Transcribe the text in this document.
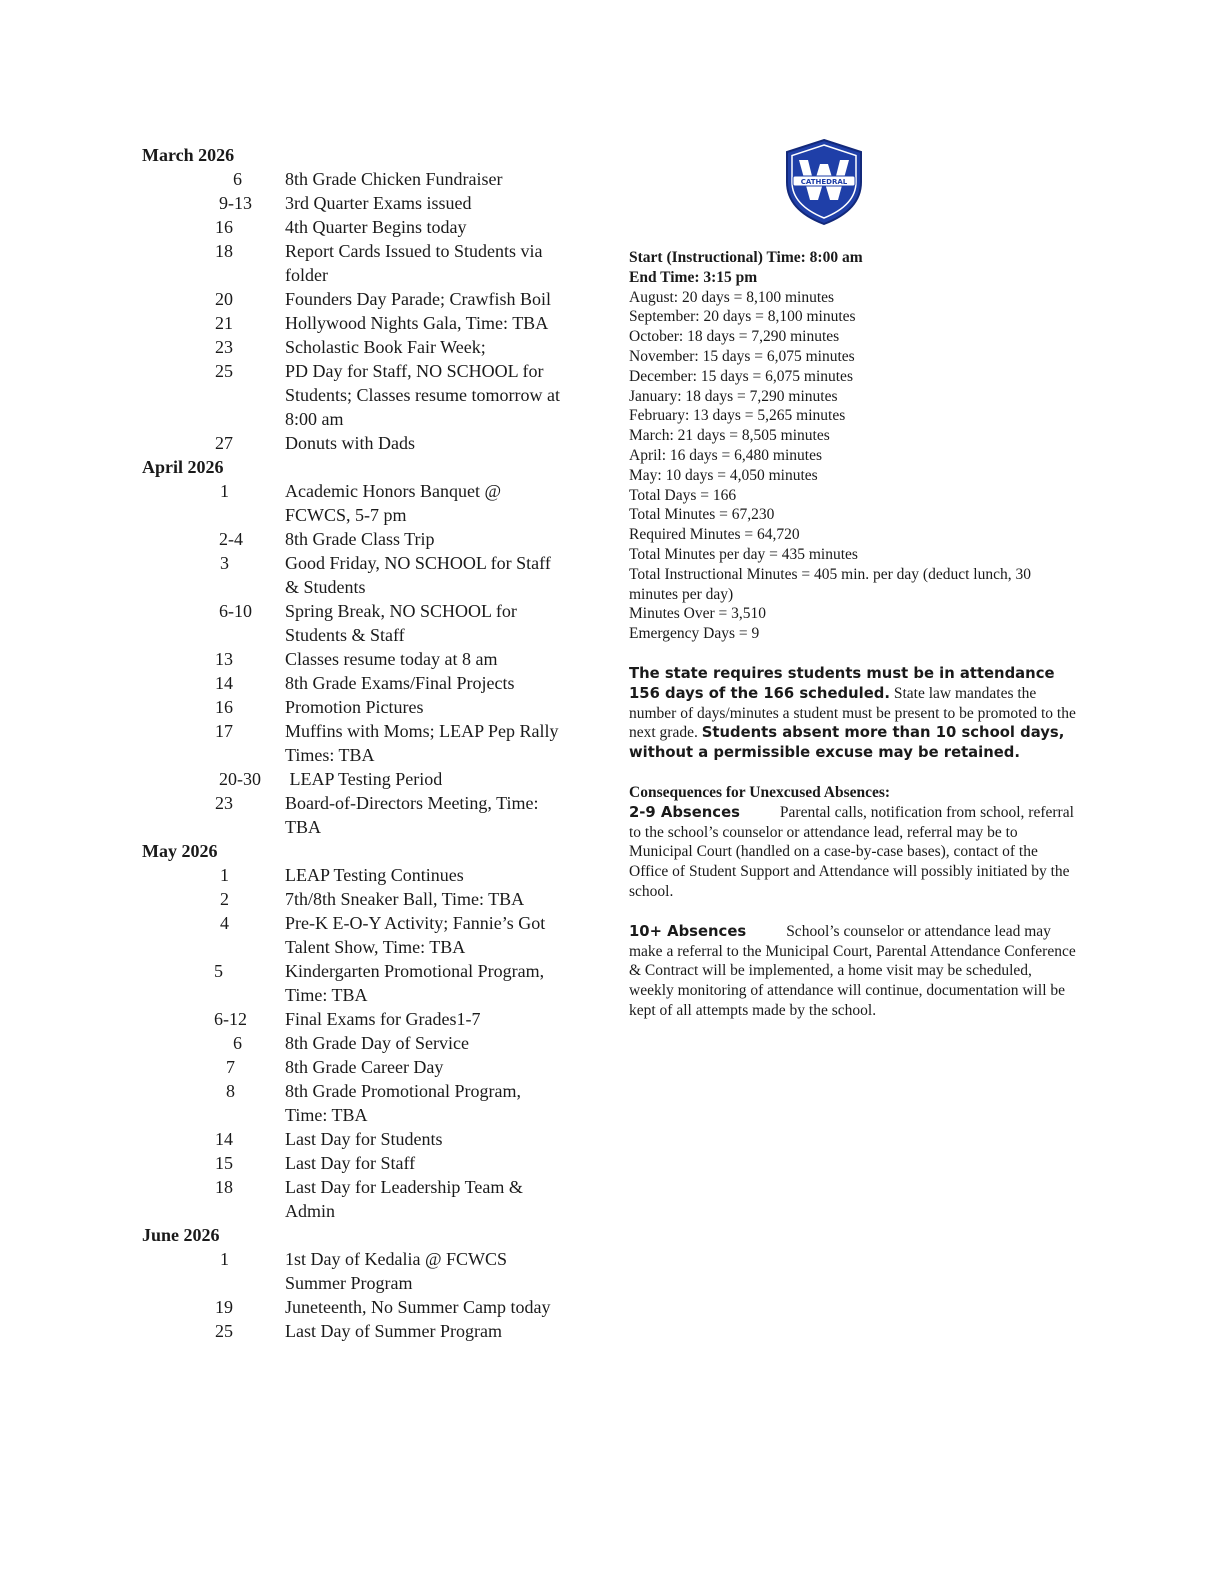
March 2026
6	8th Grade Chicken Fundraiser
9-13	3rd Quarter Exams issued
16	4th Quarter Begins today
18	Report Cards Issued to Students via
folder
20	Founders Day Parade; Crawfish Boil
21	Hollywood Nights Gala, Time: TBA
23	Scholastic Book Fair Week;
25	PD Day for Staff, NO SCHOOL for
Students; Classes resume tomorrow at
8:00 am
27	Donuts with Dads
April 2026
1	Academic Honors Banquet @
FCWCS, 5-7 pm
2-4	8th Grade Class Trip
3	Good Friday, NO SCHOOL for Staff
& Students
6-10	Spring Break, NO SCHOOL for
Students & Staff
13	Classes resume today at 8 am
14	8th Grade Exams/Final Projects
16	Promotion Pictures
17	Muffins with Moms; LEAP Pep Rally
Times: TBA
20-30	LEAP Testing Period
23	Board-of-Directors Meeting, Time:
TBA
May 2026
1	LEAP Testing Continues
2	7th/8th Sneaker Ball, Time: TBA
4	Pre-K E-O-Y Activity; Fannie’s Got
Talent Show, Time: TBA
5	Kindergarten Promotional Program,
Time: TBA
6-12	Final Exams for Grades1-7
6	8th Grade Day of Service
7	8th Grade Career Day
8	8th Grade Promotional Program,
Time: TBA
14	Last Day for Students
15	Last Day for Staff
18	Last Day for Leadership Team &
Admin
June 2026
1	1st Day of Kedalia @ FCWCS
Summer Program
19	Juneteenth, No Summer Camp today
25	Last Day of Summer Program
CATHEDRAL
Start (Instructional) Time: 8:00 am
End Time: 3:15 pm
August: 20 days = 8,100 minutes
September: 20 days = 8,100 minutes
October: 18 days = 7,290 minutes
November: 15 days = 6,075 minutes
December: 15 days = 6,075 minutes
January: 18 days = 7,290 minutes
February: 13 days = 5,265 minutes
March: 21 days = 8,505 minutes
April: 16 days = 6,480 minutes
May: 10 days = 4,050 minutes
Total Days = 166
Total Minutes = 67,230
Required Minutes = 64,720
Total Minutes per day = 435 minutes
Total Instructional Minutes = 405 min. per day (deduct lunch, 30 minutes per day)
Minutes Over = 3,510
Emergency Days = 9
The state requires students must be in attendance 156 days of the 166 scheduled. State law mandates the number of days/minutes a student must be present to be promoted to the next grade. Students absent more than 10 school days, without a permissible excuse may be retained.
Consequences for Unexcused Absences:
2-9 Absences	Parental calls, notification from school, referral to the school’s counselor or attendance lead, referral may be to Municipal Court (handled on a case-by-case bases), contact of the Office of Student Support and Attendance will possibly initiated by the school.
10+ Absences	School’s counselor or attendance lead may make a referral to the Municipal Court, Parental Attendance Conference & Contract will be implemented, a home visit may be scheduled, weekly monitoring of attendance will continue, documentation will be kept of all attempts made by the school.
